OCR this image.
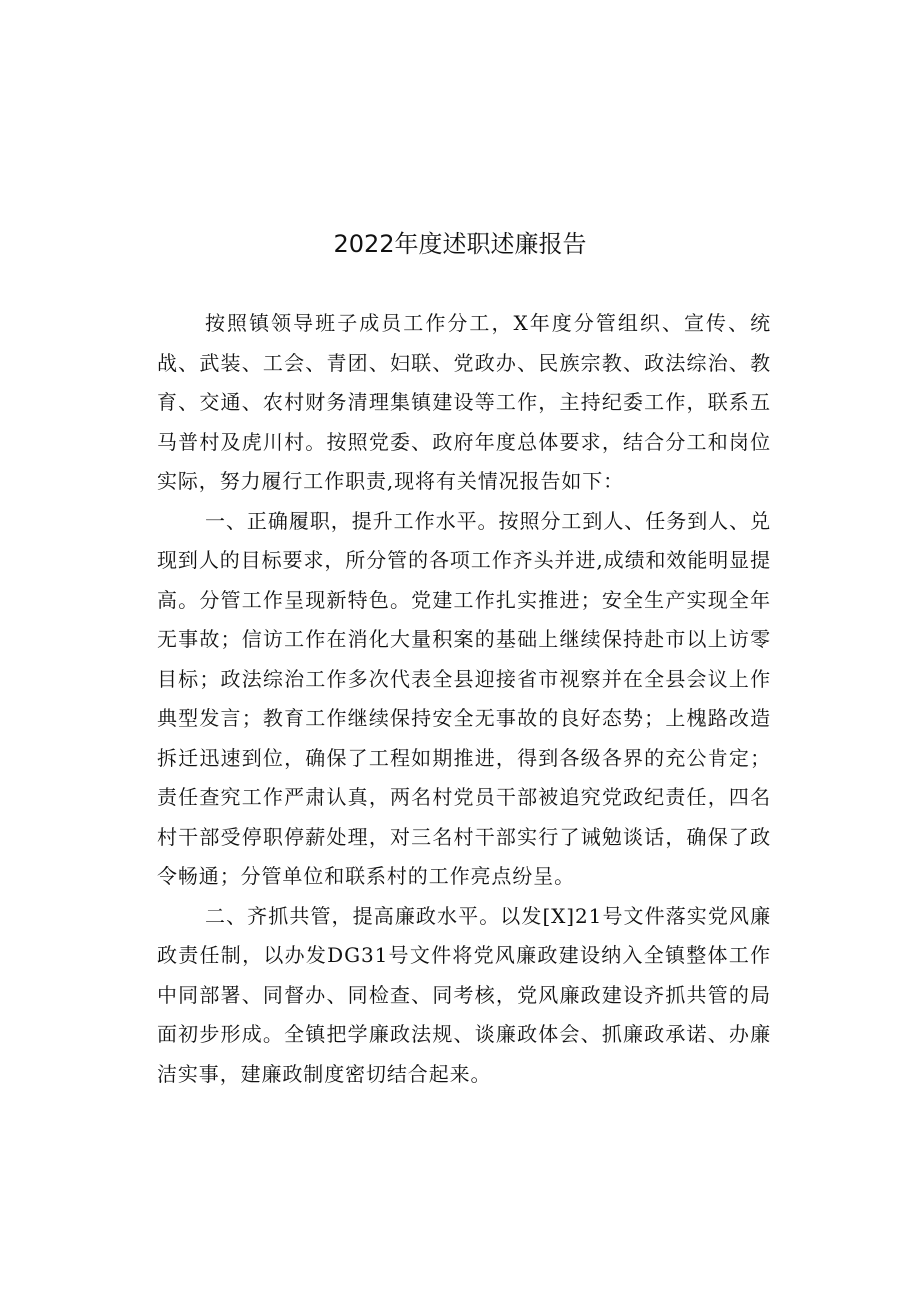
2022年度述职述廉报告

按照镇领导班子成员工作分工，X年度分管组织、宣传、统战、武装、工会、青团、妇联、党政办、民族宗教、政法综治、教育、交通、农村财务清理集镇建设等工作，主持纪委工作，联系五马普村及虎川村。按照党委、政府年度总体要求，结合分工和岗位实际，努力履行工作职责,现将有关情况报告如下：

一、正确履职，提升工作水平。按照分工到人、任务到人、兑现到人的目标要求，所分管的各项工作齐头并进,成绩和效能明显提高。分管工作呈现新特色。党建工作扎实推进；安全生产实现全年无事故；信访工作在消化大量积案的基础上继续保持赴市以上访零目标；政法综治工作多次代表全县迎接省市视察并在全县会议上作典型发言；教育工作继续保持安全无事故的良好态势；上槐路改造拆迁迅速到位，确保了工程如期推进，得到各级各界的充公肯定；责任查究工作严肃认真，两名村党员干部被追究党政纪责任，四名村干部受停职停薪处理，对三名村干部实行了诫勉谈话，确保了政令畅通；分管单位和联系村的工作亮点纷呈。

二、齐抓共管，提高廉政水平。以发[X]21号文件落实党风廉政责任制，以办发DG31号文件将党风廉政建设纳入全镇整体工作中同部署、同督办、同检查、同考核，党风廉政建设齐抓共管的局面初步形成。全镇把学廉政法规、谈廉政体会、抓廉政承诺、办廉洁实事，建廉政制度密切结合起来。
